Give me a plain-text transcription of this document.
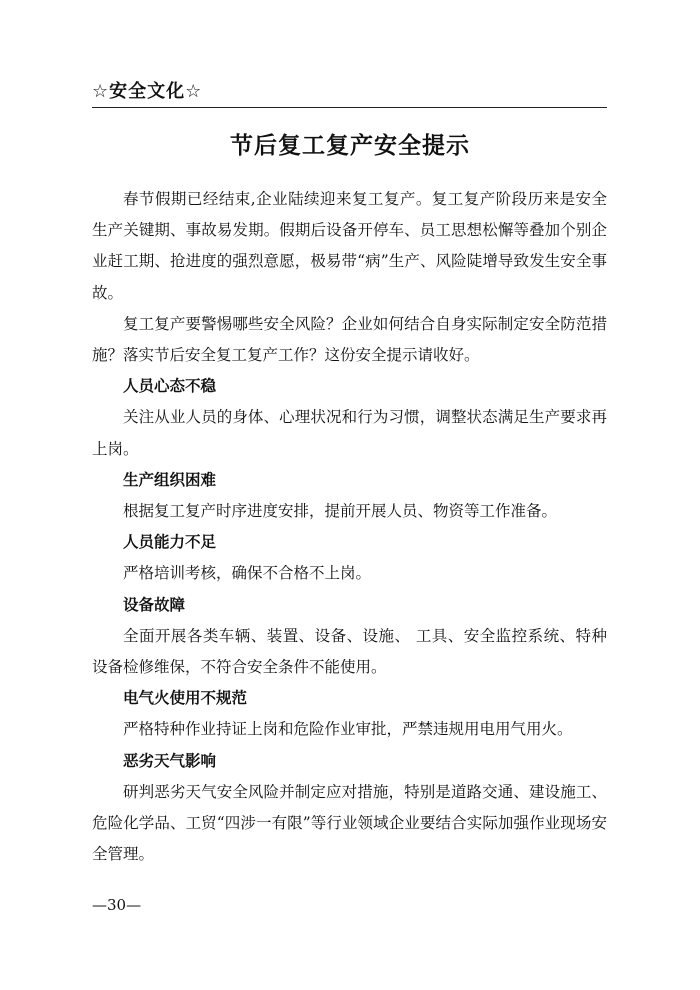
☆安全文化☆
节后复工复产安全提示

春节假期已经结束,企业陆续迎来复工复产。复工复产阶段历来是安全生产关键期、事故易发期。假期后设备开停车、员工思想松懈等叠加个别企业赶工期、抢进度的强烈意愿，极易带“病”生产、风险陡增导致发生安全事故。

复工复产要警惕哪些安全风险？企业如何结合自身实际制定安全防范措施？落实节后安全复工复产工作？这份安全提示请收好。

人员心态不稳

关注从业人员的身体、心理状况和行为习惯，调整状态满足生产要求再上岗。

生产组织困难

根据复工复产时序进度安排，提前开展人员、物资等工作准备。

人员能力不足

严格培训考核，确保不合格不上岗。

设备故障

全面开展各类车辆、装置、设备、设施、 工具、安全监控系统、特种设备检修维保，不符合安全条件不能使用。

电气火使用不规范

严格特种作业持证上岗和危险作业审批，严禁违规用电用气用火。

恶劣天气影响

研判恶劣天气安全风险并制定应对措施，特别是道路交通、建设施工、危险化学品、工贸“四涉一有限”等行业领域企业要结合实际加强作业现场安全管理。

—30—
